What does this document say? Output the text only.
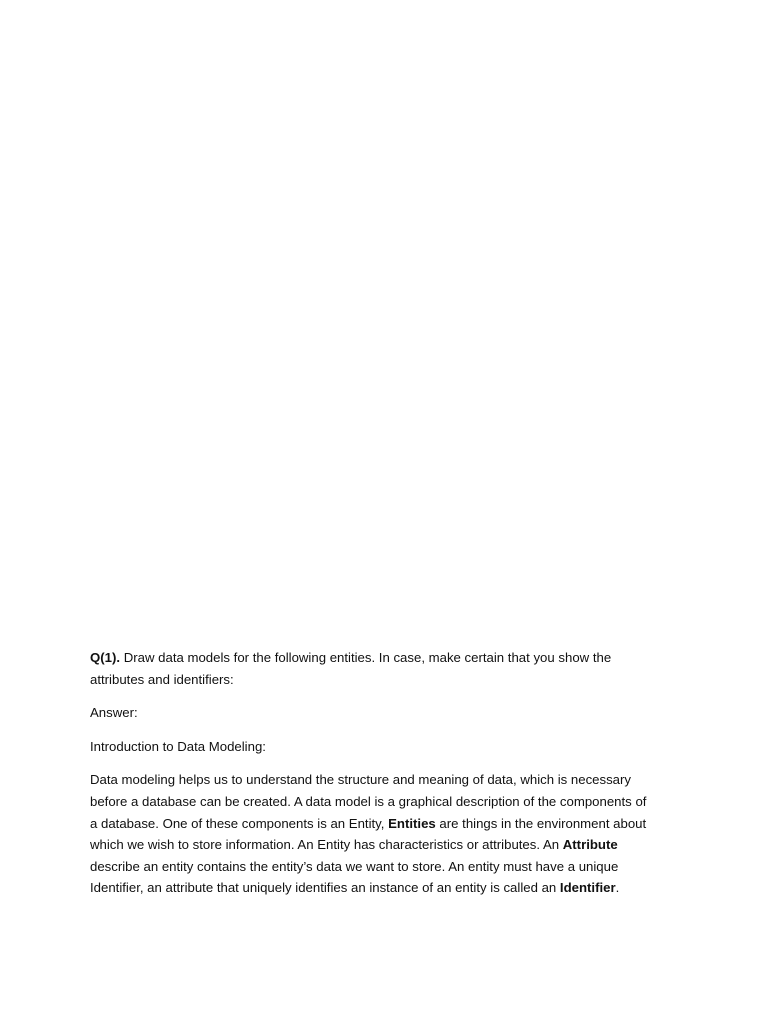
Q(1). Draw data models for the following entities. In case, make certain that you show the
attributes and identifiers:

Answer:

Introduction to Data Modeling:

Data modeling helps us to understand the structure and meaning of data, which is necessary
before a database can be created. A data model is a graphical description of the components of
a database. One of these components is an Entity, Entities are things in the environment about
which we wish to store information. An Entity has characteristics or attributes. An Attribute
describe an entity contains the entity’s data we want to store. An entity must have a unique
Identifier, an attribute that uniquely identifies an instance of an entity is called an Identifier.
